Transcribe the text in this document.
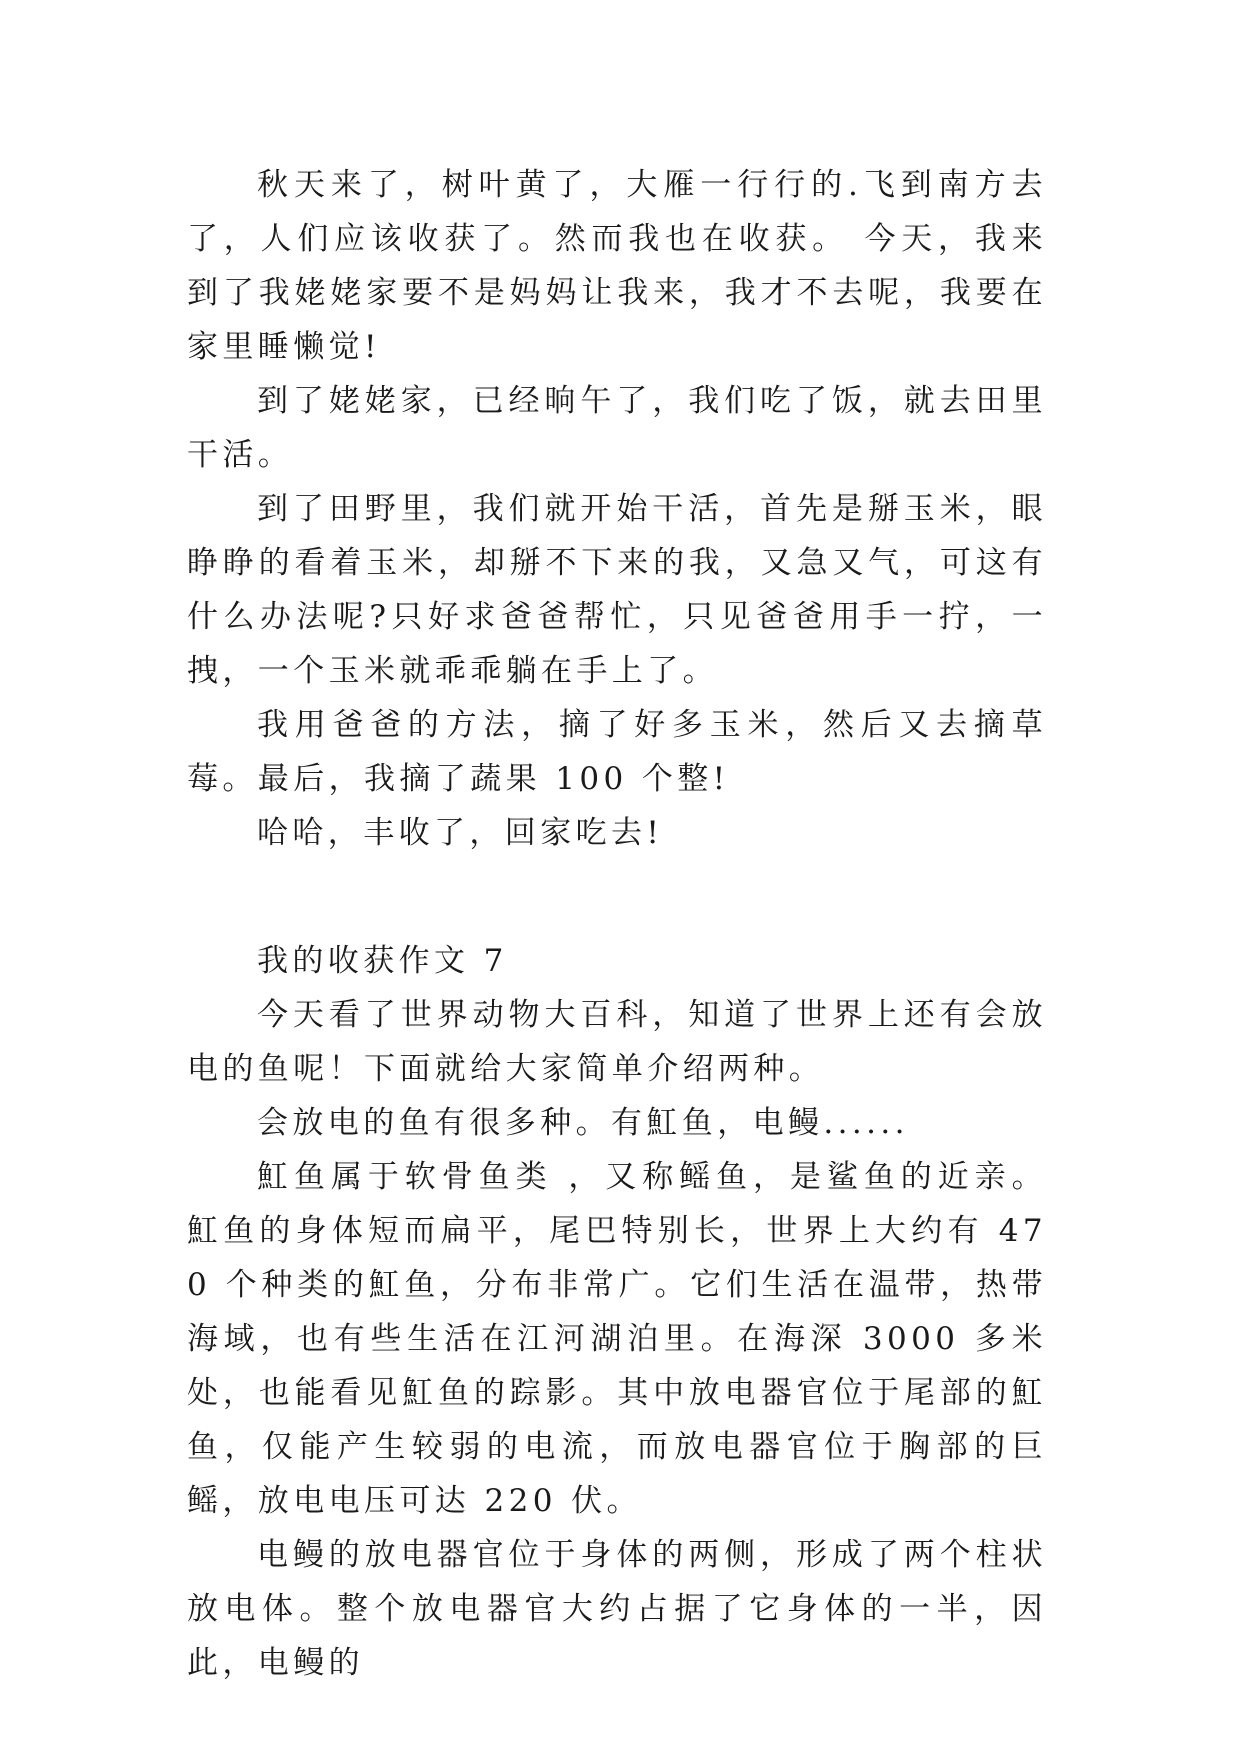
秋天来了，树叶黄了，大雁一行行的.飞到南方去了，人们应该收获了。然而我也在收获。 今天，我来到了我姥姥家要不是妈妈让我来，我才不去呢，我要在家里睡懒觉!

到了姥姥家，已经晌午了，我们吃了饭，就去田里干活。

到了田野里，我们就开始干活，首先是掰玉米，眼睁睁的看着玉米，却掰不下来的我，又急又气，可这有什么办法呢?只好求爸爸帮忙，只见爸爸用手一拧，一拽，一个玉米就乖乖躺在手上了。

我用爸爸的方法，摘了好多玉米，然后又去摘草莓。最后，我摘了蔬果 100 个整!

哈哈，丰收了，回家吃去!

我的收获作文 7

今天看了世界动物大百科，知道了世界上还有会放电的鱼呢！下面就给大家简单介绍两种。

会放电的鱼有很多种。有魟鱼，电鳗......

魟鱼属于软骨鱼类 ，又称鳐鱼，是鲨鱼的近亲。魟鱼的身体短而扁平，尾巴特别长，世界上大约有 470 个种类的魟鱼，分布非常广。它们生活在温带，热带海域，也有些生活在江河湖泊里。在海深 3000 多米处，也能看见魟鱼的踪影。其中放电器官位于尾部的魟鱼，仅能产生较弱的电流，而放电器官位于胸部的巨鳐，放电电压可达 220 伏。

电鳗的放电器官位于身体的两侧，形成了两个柱状放电体。整个放电器官大约占据了它身体的一半，因此，电鳗的
